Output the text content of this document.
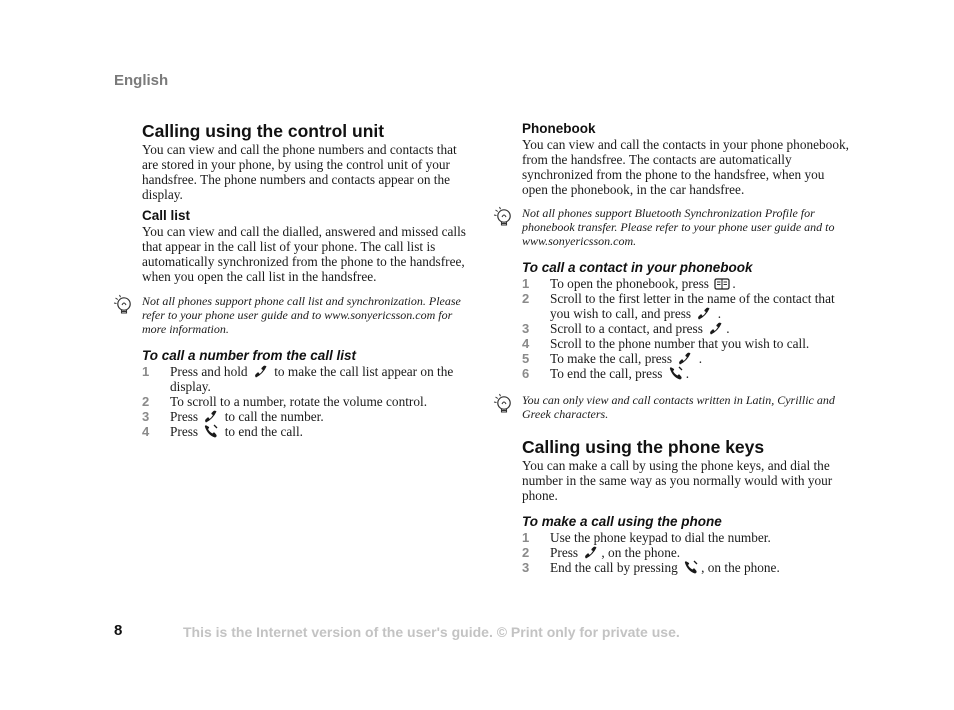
English
Calling using the control unit

You can view and call the phone numbers and contacts that are stored in your phone, by using the control unit of your handsfree. The phone numbers and contacts appear on the display.

Call list

You can view and call the dialled, answered and missed calls that appear in the call list of your phone. The call list is automatically synchronized from the phone to the handsfree, when you open the call list in the handsfree.

Not all phones support phone call list and synchronization. Please refer to your phone user guide and to www.sonyericsson.com for more information.

To call a number from the call list
1 Press and hold to make the call list appear on the display.
2 To scroll to a number, rotate the volume control.
3 Press to call the number.
4 Press to end the call.
Phonebook

You can view and call the contacts in your phone phonebook, from the handsfree. The contacts are automatically synchronized from the phone to the handsfree, when you open the phonebook, in the car handsfree.

Not all phones support Bluetooth Synchronization Profile for phonebook transfer. Please refer to your phone user guide and to www.sonyericsson.com.

To call a contact in your phonebook
1 To open the phonebook, press .
2 Scroll to the first letter in the name of the contact that you wish to call, and press .
3 Scroll to a contact, and press .
4 Scroll to the phone number that you wish to call.
5 To make the call, press .
6 To end the call, press .

You can only view and call contacts written in Latin, Cyrillic and Greek characters.

Calling using the phone keys

You can make a call by using the phone keys, and dial the number in the same way as you normally would with your phone.

To make a call using the phone
1 Use the phone keypad to dial the number.
2 Press , on the phone.
3 End the call by pressing , on the phone.
8	This is the Internet version of the user's guide. © Print only for private use.
